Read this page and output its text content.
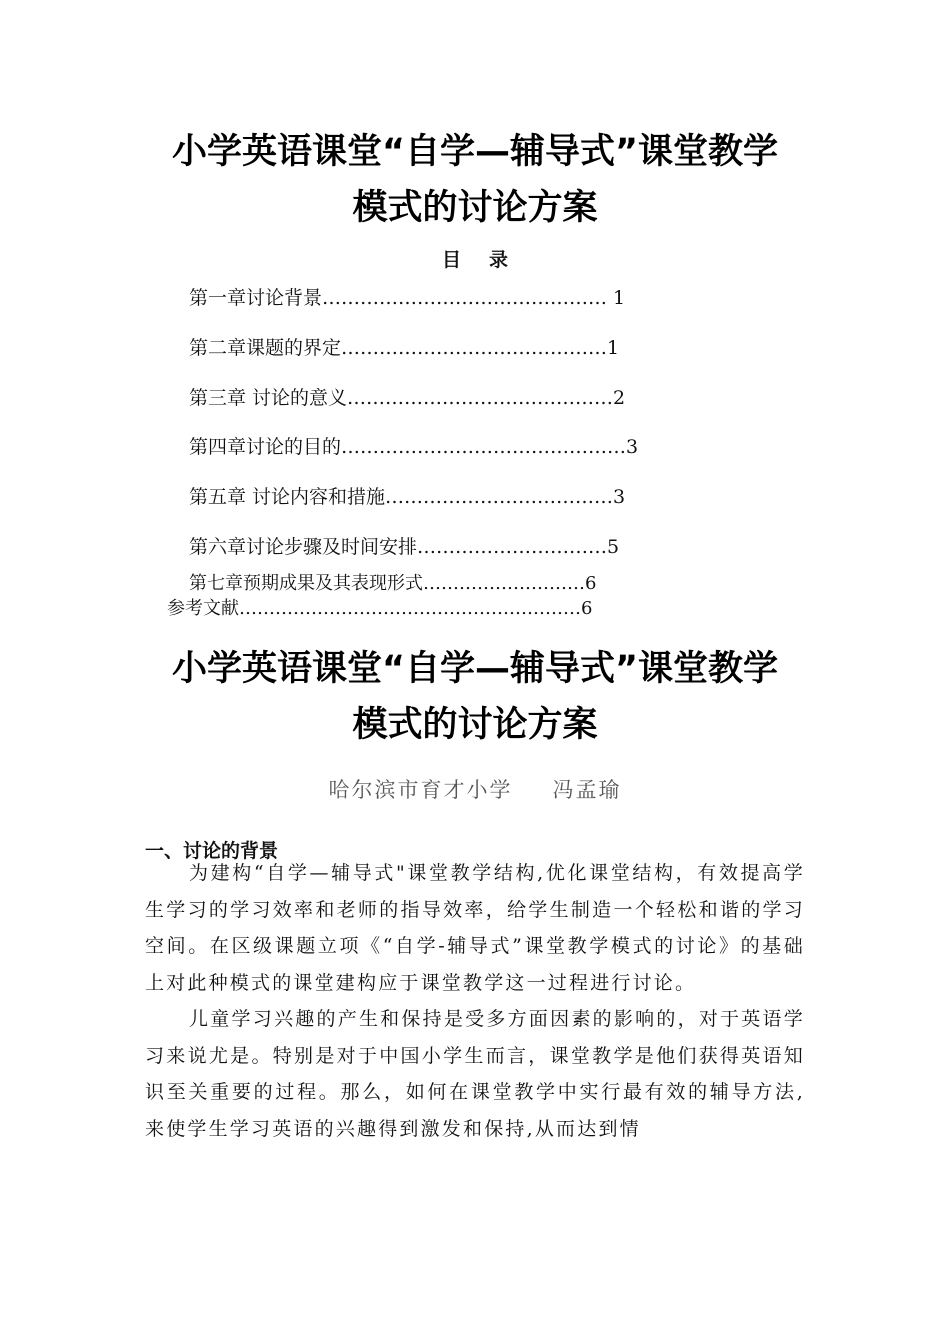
小学英语课堂“自学—辅导式”课堂教学
模式的讨论方案
目 录
第一章讨论背景……………………………………… 1
第二章课题的界定……………………………………1
第三章 讨论的意义……………………………………2
第四章讨论的目的………………………………………3
第五章 讨论内容和措施………………………………3
第六章讨论步骤及时间安排…………………………5
第七章预期成果及其表现形式………………………6
参考文献…………………………………………………6
小学英语课堂“自学—辅导式”课堂教学
模式的讨论方案
哈尔滨市育才小学 冯孟瑜
一、讨论的背景

为建构“自学—辅导式"课堂教学结构,优化课堂结构，有效提高学生学习的学习效率和老师的指导效率，给学生制造一个轻松和谐的学习空间。在区级课题立项《“自学-辅导式”课堂教学模式的讨论》的基础上对此种模式的课堂建构应于课堂教学这一过程进行讨论。

儿童学习兴趣的产生和保持是受多方面因素的影响的，对于英语学习来说尤是。特别是对于中国小学生而言，课堂教学是他们获得英语知识至关重要的过程。那么，如何在课堂教学中实行最有效的辅导方法,来使学生学习英语的兴趣得到激发和保持,从而达到情
